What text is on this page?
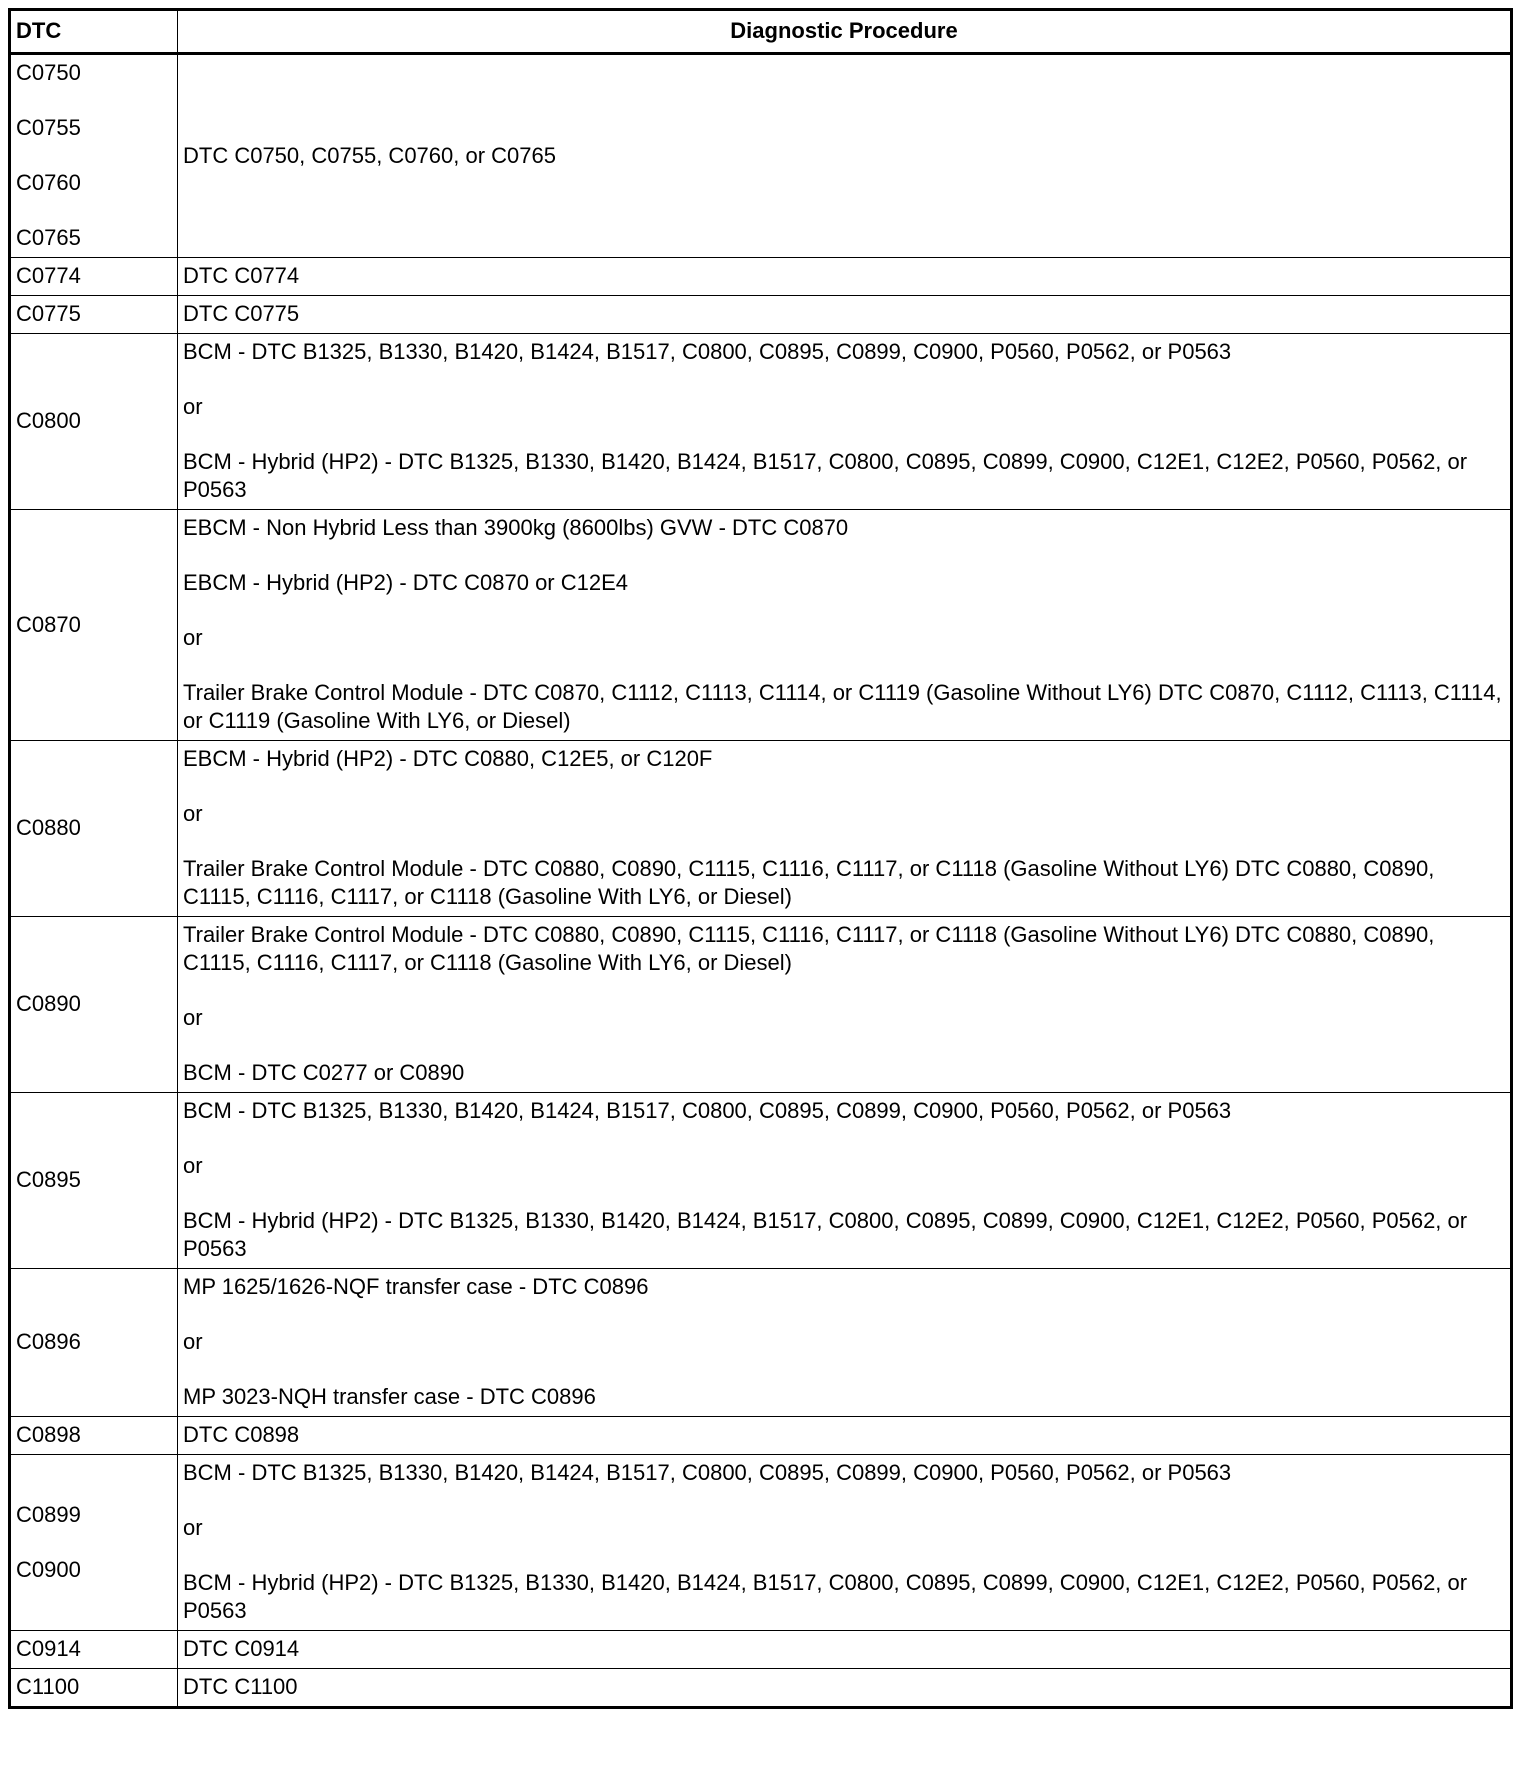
DTC	Diagnostic Procedure

C0750
C0755
C0760
C0765	DTC C0750, C0755, C0760, or C0765

C0774	DTC C0774

C0775	DTC C0775

C0800	BCM - DTC B1325, B1330, B1420, B1424, B1517, C0800, C0895, C0899, C0900, P0560, P0562, or P0563
or
BCM - Hybrid (HP2) - DTC B1325, B1330, B1420, B1424, B1517, C0800, C0895, C0899, C0900, C12E1, C12E2, P0560, P0562, or P0563

C0870	EBCM - Non Hybrid Less than 3900kg (8600lbs) GVW - DTC C0870
EBCM - Hybrid (HP2) - DTC C0870 or C12E4
or
Trailer Brake Control Module - DTC C0870, C1112, C1113, C1114, or C1119 (Gasoline Without LY6) DTC C0870, C1112, C1113, C1114, or C1119 (Gasoline With LY6, or Diesel)

C0880	EBCM - Hybrid (HP2) - DTC C0880, C12E5, or C120F
or
Trailer Brake Control Module - DTC C0880, C0890, C1115, C1116, C1117, or C1118 (Gasoline Without LY6) DTC C0880, C0890, C1115, C1116, C1117, or C1118 (Gasoline With LY6, or Diesel)

C0890	Trailer Brake Control Module - DTC C0880, C0890, C1115, C1116, C1117, or C1118 (Gasoline Without LY6) DTC C0880, C0890, C1115, C1116, C1117, or C1118 (Gasoline With LY6, or Diesel)
or
BCM - DTC C0277 or C0890

C0895	BCM - DTC B1325, B1330, B1420, B1424, B1517, C0800, C0895, C0899, C0900, P0560, P0562, or P0563
or
BCM - Hybrid (HP2) - DTC B1325, B1330, B1420, B1424, B1517, C0800, C0895, C0899, C0900, C12E1, C12E2, P0560, P0562, or P0563

C0896	MP 1625/1626-NQF transfer case - DTC C0896
or
MP 3023-NQH transfer case - DTC C0896

C0898	DTC C0898

C0899
C0900	BCM - DTC B1325, B1330, B1420, B1424, B1517, C0800, C0895, C0899, C0900, P0560, P0562, or P0563
or
BCM - Hybrid (HP2) - DTC B1325, B1330, B1420, B1424, B1517, C0800, C0895, C0899, C0900, C12E1, C12E2, P0560, P0562, or P0563

C0914	DTC C0914

C1100	DTC C1100
